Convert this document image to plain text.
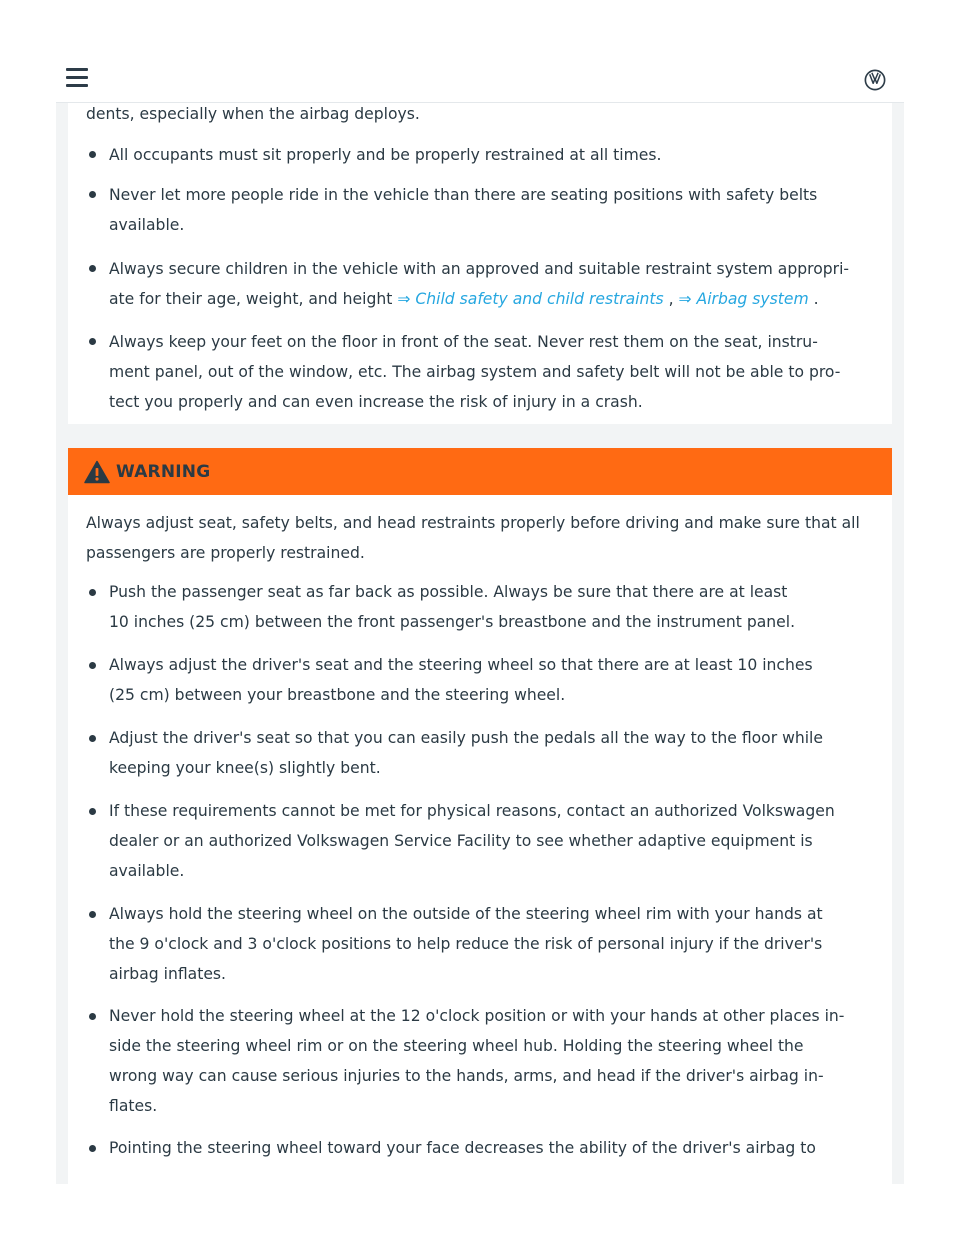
dents, especially when the airbag deploys.
All occupants must sit properly and be properly restrained at all times.
Never let more people ride in the vehicle than there are seating positions with safety belts
available.
Always secure children in the vehicle with an approved and suitable restraint system appropri-
ate for their age, weight, and height ⇒ Child safety and child restraints , ⇒ Airbag system .
Always keep your feet on the floor in front of the seat. Never rest them on the seat, instru-
ment panel, out of the window, etc. The airbag system and safety belt will not be able to pro-
tect you properly and can even increase the risk of injury in a crash.
WARNING
Always adjust seat, safety belts, and head restraints properly before driving and make sure that all
passengers are properly restrained.
Push the passenger seat as far back as possible. Always be sure that there are at least
10 inches (25 cm) between the front passenger's breastbone and the instrument panel.
Always adjust the driver's seat and the steering wheel so that there are at least 10 inches
(25 cm) between your breastbone and the steering wheel.
Adjust the driver's seat so that you can easily push the pedals all the way to the floor while
keeping your knee(s) slightly bent.
If these requirements cannot be met for physical reasons, contact an authorized Volkswagen
dealer or an authorized Volkswagen Service Facility to see whether adaptive equipment is
available.
Always hold the steering wheel on the outside of the steering wheel rim with your hands at
the 9 o'clock and 3 o'clock positions to help reduce the risk of personal injury if the driver's
airbag inflates.
Never hold the steering wheel at the 12 o'clock position or with your hands at other places in-
side the steering wheel rim or on the steering wheel hub. Holding the steering wheel the
wrong way can cause serious injuries to the hands, arms, and head if the driver's airbag in-
flates.
Pointing the steering wheel toward your face decreases the ability of the driver's airbag to
